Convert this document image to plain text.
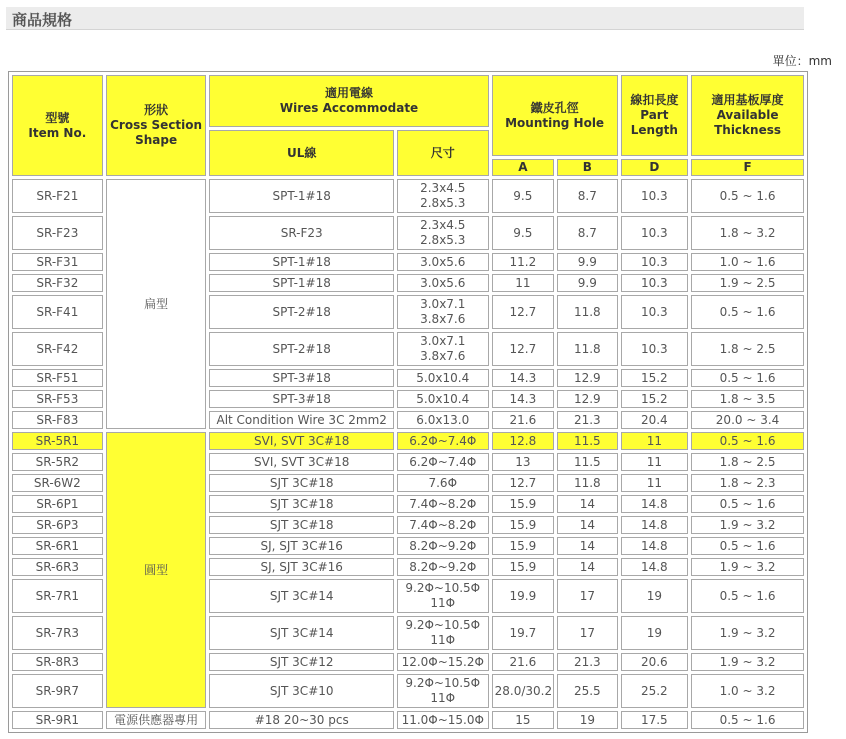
商品規格
單位：mm
型號
Item No.	形狀
Cross Section
Shape	適用電線
Wires Accommodate		鐵皮孔徑
Mounting Hole		線扣長度
Part
Length	適用基板厚度
Available
Thickness

		UL線	尺寸				
				A	B	D	F
SR-F21	扁型	SPT-1#18	2.3x4.5
2.8x5.3	9.5	8.7	10.3	0.5 ~ 1.6
SR-F23		SR-F23	2.3x4.5
2.8x5.3	9.5	8.7	10.3	1.8 ~ 3.2
SR-F31		SPT-1#18	3.0x5.6	11.2	9.9	10.3	1.0 ~ 1.6
SR-F32		SPT-1#18	3.0x5.6	11	9.9	10.3	1.9 ~ 2.5
SR-F41		SPT-2#18	3.0x7.1
3.8x7.6	12.7	11.8	10.3	0.5 ~ 1.6
SR-F42		SPT-2#18	3.0x7.1
3.8x7.6	12.7	11.8	10.3	1.8 ~ 2.5
SR-F51		SPT-3#18	5.0x10.4	14.3	12.9	15.2	0.5 ~ 1.6
SR-F53		SPT-3#18	5.0x10.4	14.3	12.9	15.2	1.8 ~ 3.5
SR-F83		Alt Condition Wire 3C 2mm2	6.0x13.0	21.6	21.3	20.4	20.0 ~ 3.4
SR-5R1	圓型	SVI, SVT 3C#18	6.2Φ~7.4Φ	12.8	11.5	11	0.5 ~ 1.6
SR-5R2		SVI, SVT 3C#18	6.2Φ~7.4Φ	13	11.5	11	1.8 ~ 2.5
SR-6W2		SJT 3C#18	7.6Φ	12.7	11.8	11	1.8 ~ 2.3
SR-6P1		SJT 3C#18	7.4Φ~8.2Φ	15.9	14	14.8	0.5 ~ 1.6
SR-6P3		SJT 3C#18	7.4Φ~8.2Φ	15.9	14	14.8	1.9 ~ 3.2
SR-6R1		SJ, SJT 3C#16	8.2Φ~9.2Φ	15.9	14	14.8	0.5 ~ 1.6
SR-6R3		SJ, SJT 3C#16	8.2Φ~9.2Φ	15.9	14	14.8	1.9 ~ 3.2
SR-7R1		SJT 3C#14	9.2Φ~10.5Φ
11Φ	19.9	17	19	0.5 ~ 1.6
SR-7R3		SJT 3C#14	9.2Φ~10.5Φ
11Φ	19.7	17	19	1.9 ~ 3.2
SR-8R3		SJT 3C#12	12.0Φ~15.2Φ	21.6	21.3	20.6	1.9 ~ 3.2
SR-9R7		SJT 3C#10	9.2Φ~10.5Φ
11Φ	28.0/30.2	25.5	25.2	1.0 ~ 3.2
SR-9R1	電源供應器專用	#18 20~30 pcs	11.0Φ~15.0Φ	15	19	17.5	0.5 ~ 1.6
